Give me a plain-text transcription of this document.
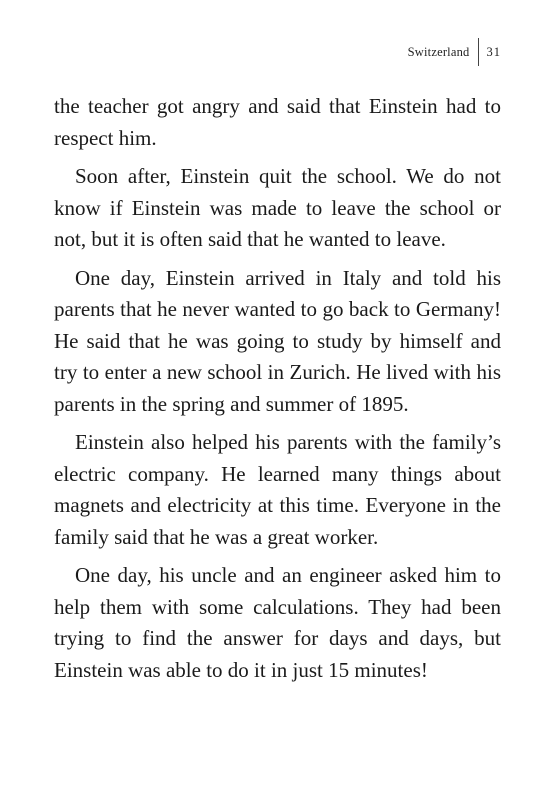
Switzerland	31

the teacher got angry and said that Einstein had to respect him.

Soon after, Einstein quit the school. We do not know if Einstein was made to leave the school or not, but it is often said that he wanted to leave.

One day, Einstein arrived in Italy and told his parents that he never wanted to go back to Germany! He said that he was going to study by himself and try to enter a new school in Zurich. He lived with his parents in the spring and summer of 1895.

Einstein also helped his parents with the family’s electric company. He learned many things about magnets and electricity at this time. Everyone in the family said that he was a great worker.

One day, his uncle and an engineer asked him to help them with some calculations. They had been trying to find the answer for days and days, but Einstein was able to do it in just 15 minutes!
